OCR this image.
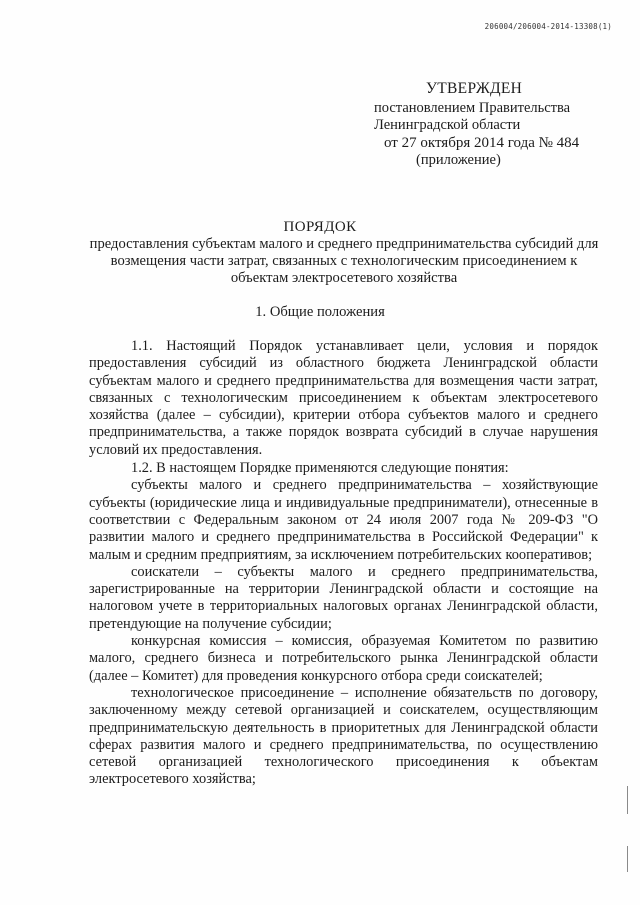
206004/206004-2014-13308(1)
УТВЕРЖДЕН
постановлением Правительства
Ленинградской области
от 27 октября 2014 года № 484
(приложение)
ПОРЯДОК
предоставления субъектам малого и среднего предпринимательства субсидий для возмещения части затрат, связанных с технологическим присоединением к объектам электросетевого хозяйства
1. Общие положения

1.1. Настоящий Порядок устанавливает цели, условия и порядок предоставления субсидий из областного бюджета Ленинградской области субъектам малого и среднего предпринимательства для возмещения части затрат, связанных с технологическим присоединением к объектам электросетевого хозяйства (далее – субсидии), критерии отбора субъектов малого и среднего предпринимательства, а также порядок возврата субсидий в случае нарушения условий их предоставления.

1.2. В настоящем Порядке применяются следующие понятия:

субъекты малого и среднего предпринимательства – хозяйствующие субъекты (юридические лица и индивидуальные предприниматели), отнесенные в соответствии с Федеральным законом от 24 июля 2007 года № 209-ФЗ "О развитии малого и среднего предпринимательства в Российской Федерации" к малым и средним предприятиям, за исключением потребительских кооперативов;

соискатели – субъекты малого и среднего предпринимательства, зарегистрированные на территории Ленинградской области и состоящие на налоговом учете в территориальных налоговых органах Ленинградской области, претендующие на получение субсидии;

конкурсная комиссия – комиссия, образуемая Комитетом по развитию малого, среднего бизнеса и потребительского рынка Ленинградской области (далее – Комитет) для проведения конкурсного отбора среди соискателей;

технологическое присоединение – исполнение обязательств по договору, заключенному между сетевой организацией и соискателем, осуществляющим предпринимательскую деятельность в приоритетных для Ленинградской области сферах развития малого и среднего предпринимательства, по осуществлению сетевой организацией технологического присоединения к объектам электросетевого хозяйства;
